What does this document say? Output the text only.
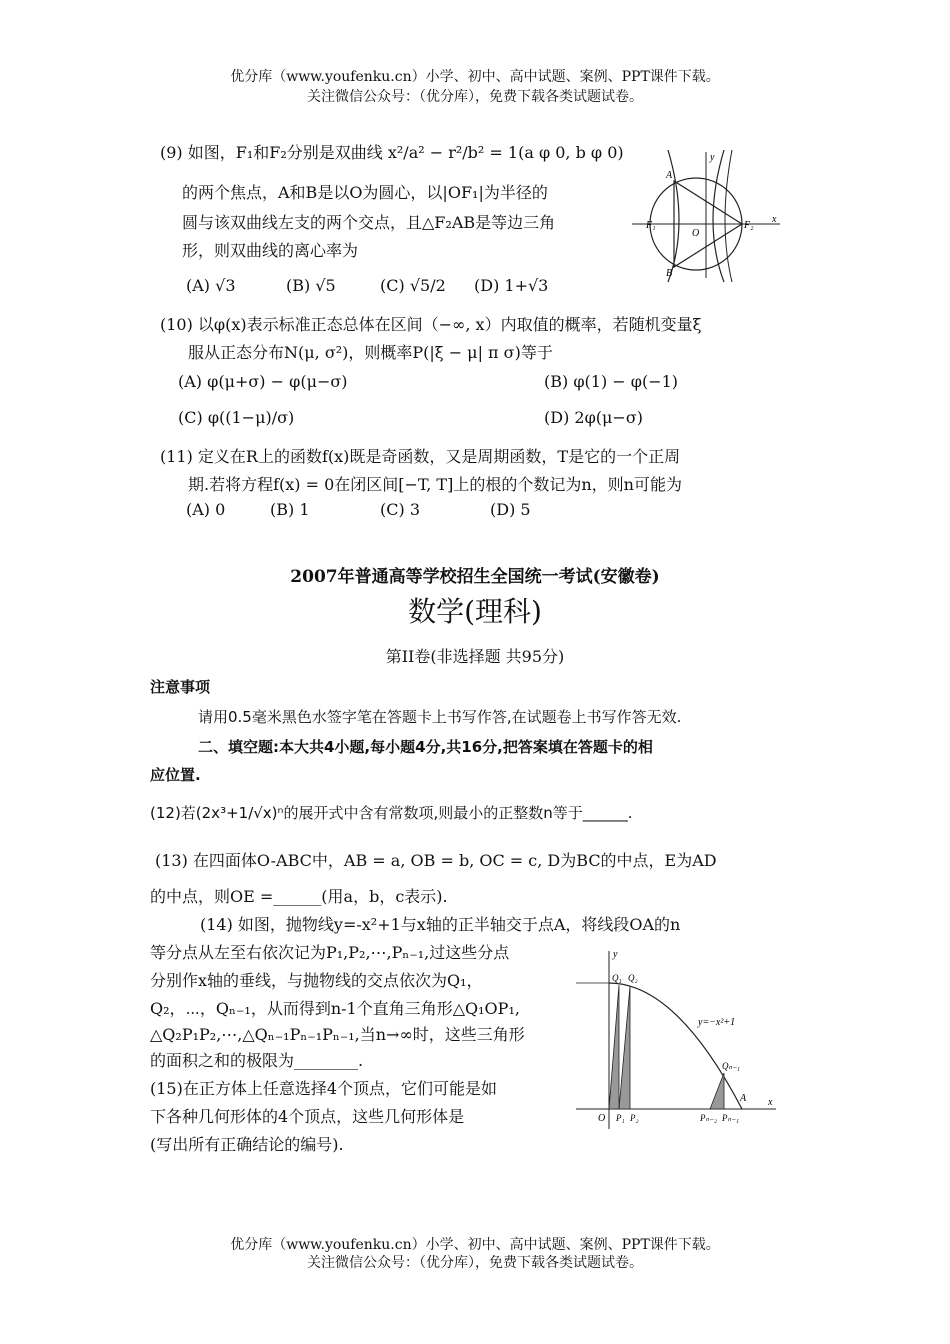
优分库（www.youfenku.cn）小学、初中、高中试题、案例、PPT课件下载。
关注微信公众号：（优分库），免费下载各类试题试卷。
(9) 如图，F₁和F₂分别是双曲线 x²/a² − r²/b² = 1(a φ 0, b φ 0)
的两个焦点，A和B是以O为圆心，以|OF₁|为半径的
圆与该双曲线左支的两个交点，且△F₂AB是等边三角
形，则双曲线的离心率为
(A) √3	(B) √5	(C) √5/2 (D) 1+√3
A
B
O
F₁	F₂
x
y
(10) 以φ(x)表示标准正态总体在区间（−∞, x）内取值的概率，若随机变量ξ
服从正态分布N(μ, σ²)，则概率P(|ξ − μ| π σ)等于
(A) φ(μ+σ) − φ(μ−σ)	(B) φ(1) − φ(−1)
(C) φ((1−μ)/σ)	(D) 2φ(μ−σ)
(11) 定义在R上的函数f(x)既是奇函数，又是周期函数，T是它的一个正周
期.若将方程f(x) = 0在闭区间[−T, T]上的根的个数记为n，则n可能为
(A) 0	(B) 1	(C) 3	(D) 5
2007年普通高等学校招生全国统一考试(安徽卷)
数学(理科)
第II卷(非选择题 共95分)
注意事项
请用0.5毫米黑色水签字笔在答题卡上书写作答,在试题卷上书写作答无效.
二、填空题:本大共4小题,每小题4分,共16分,把答案填在答题卡的相
应位置.
(12)若(2x³+1/√x)ⁿ的展开式中含有常数项,则最小的正整数n等于______.
(13) 在四面体O-ABC中，AB = a, OB = b, OC = c, D为BC的中点，E为AD
的中点，则OE =______(用a，b，c表示).
(14) 如图，抛物线y=-x²+1与x轴的正半轴交于点A，将线段OA的n
等分点从左至右依次记为P₁,P₂,⋯,Pₙ₋₁,过这些分点
分别作x轴的垂线，与抛物线的交点依次为Q₁，
Q₂，⋯，Qₙ₋₁，从而得到n-1个直角三角形△Q₁OP₁,
△Q₂P₁P₂,⋯,△Qₙ₋₁Pₙ₋₁Pₙ₋₁,当n→∞时，这些三角形
的面积之和的极限为________.
y
x
O
A
Q₁ Q₂
Qₙ₋₁
P₁ P₂	Pₙ₋₂ Pₙ₋₁
y=−x²+1
(15)在正方体上任意选择4个顶点，它们可能是如
下各种几何形体的4个顶点，这些几何形体是
(写出所有正确结论的编号).
优分库（www.youfenku.cn）小学、初中、高中试题、案例、PPT课件下载。
关注微信公众号：（优分库），免费下载各类试题试卷。
